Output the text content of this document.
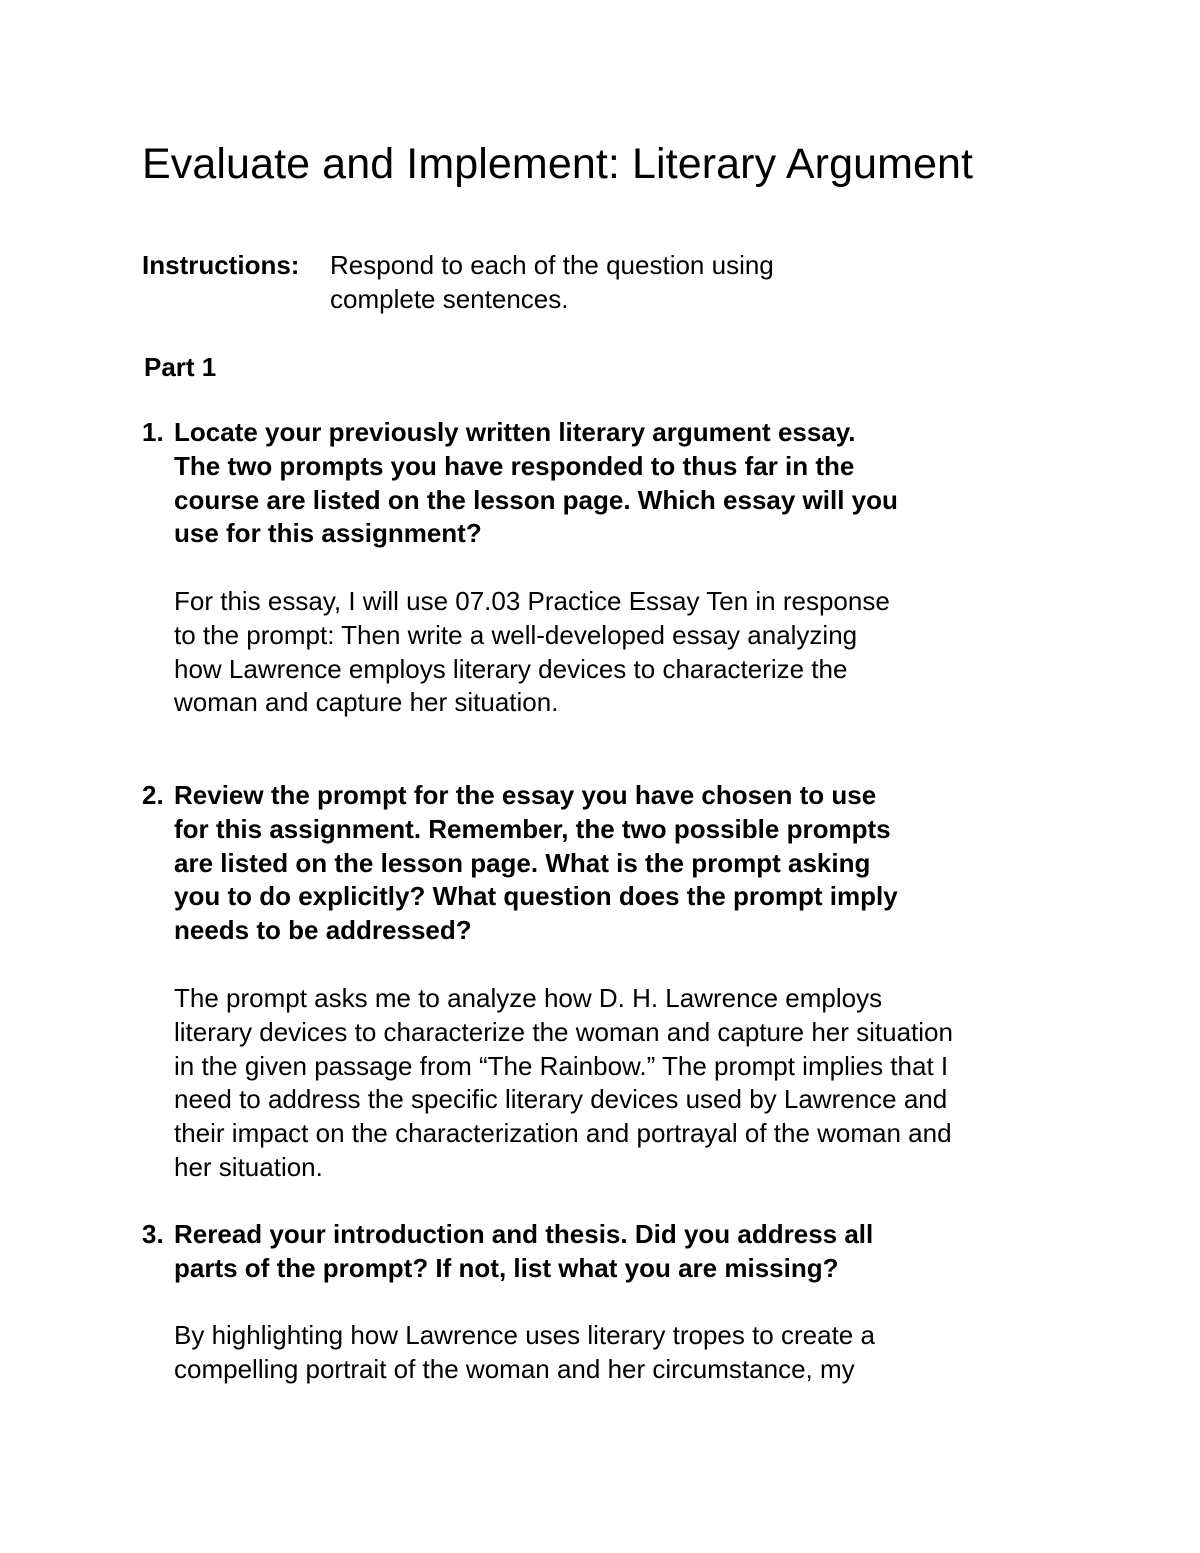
Evaluate and Implement: Literary Argument
Instructions: Respond to each of the question using
complete sentences.
Part 1
1. Locate your previously written literary argument essay.
The two prompts you have responded to thus far in the
course are listed on the lesson page. Which essay will you
use for this assignment?
For this essay, I will use 07.03 Practice Essay Ten in response
to the prompt: Then write a well-developed essay analyzing
how Lawrence employs literary devices to characterize the
woman and capture her situation.
2. Review the prompt for the essay you have chosen to use
for this assignment. Remember, the two possible prompts
are listed on the lesson page. What is the prompt asking
you to do explicitly? What question does the prompt imply
needs to be addressed?
The prompt asks me to analyze how D. H. Lawrence employs
literary devices to characterize the woman and capture her situation
in the given passage from “The Rainbow.” The prompt implies that I
need to address the specific literary devices used by Lawrence and
their impact on the characterization and portrayal of the woman and
her situation.
3. Reread your introduction and thesis. Did you address all
parts of the prompt? If not, list what you are missing?
By highlighting how Lawrence uses literary tropes to create a
compelling portrait of the woman and her circumstance, my
